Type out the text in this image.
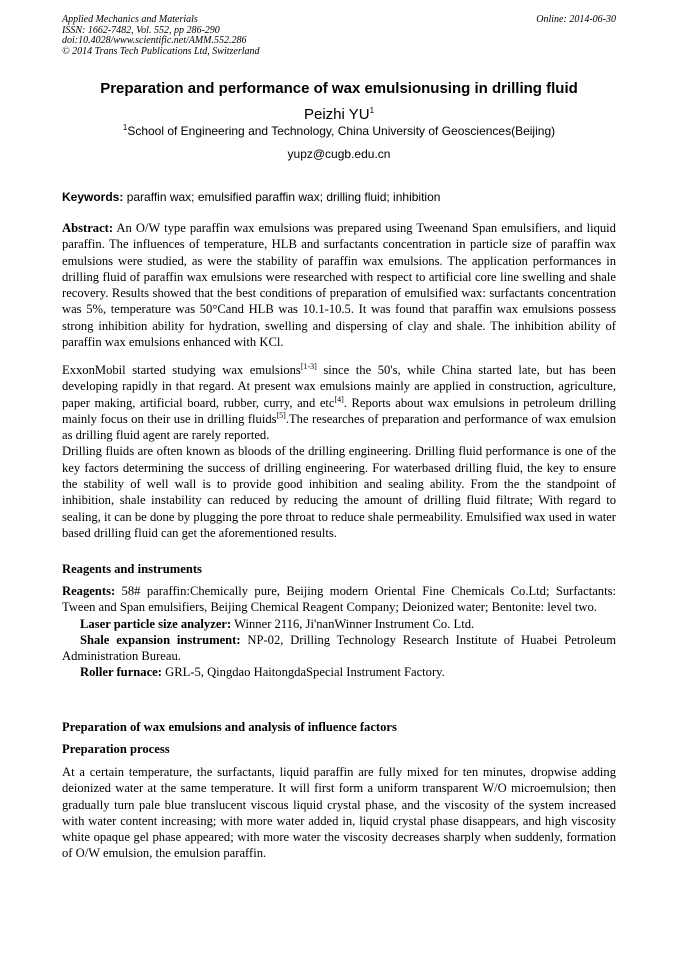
Applied Mechanics and Materials
ISSN: 1662-7482, Vol. 552, pp 286-290
doi:10.4028/www.scientific.net/AMM.552.286
© 2014 Trans Tech Publications Ltd, Switzerland
Online: 2014-06-30
Preparation and performance of wax emulsionusing in drilling fluid
Peizhi $YU^1$
$^1$School of Engineering and Technology, China University of Geosciences(Beijing)
yupz@cugb.edu.cn
Keywords: paraffin wax; emulsified paraffin wax; drilling fluid; inhibition

Abstract: An O/W type paraffin wax emulsions was prepared using Tweenand Span emulsifiers, and liquid paraffin. The influences of temperature, HLB and surfactants concentration in particle size of paraffin wax emulsions were studied, as were the stability of paraffin wax emulsions. The application performances in drilling fluid of paraffin wax emulsions were researched with respect to artificial core line swelling and shale recovery. Results showed that the best conditions of preparation of emulsified wax: surfactants concentration was 5%, temperature was 50°Cand HLB was 10.1-10.5. It was found that paraffin wax emulsions possess strong inhibition ability for hydration, swelling and dispersing of clay and shale. The inhibition ability of paraffin wax emulsions enhanced with KCl.

ExxonMobil started studying wax emulsions[1-3] since the 50's, while China started late, but has been developing rapidly in that regard. At present wax emulsions mainly are applied in construction, agriculture, paper making, artificial board, rubber, curry, and etc[4]. Reports about wax emulsions in petroleum drilling mainly focus on their use in drilling fluids[5].The researches of preparation and performance of wax emulsion as drilling fluid agent are rarely reported.

Drilling fluids are often known as bloods of the drilling engineering. Drilling fluid performance is one of the key factors determining the success of drilling engineering. For waterbased drilling fluid, the key to ensure the stability of well wall is to provide good inhibition and sealing ability. From the the standpoint of inhibition, shale instability can reduced by reducing the amount of drilling fluid filtrate; With regard to sealing, it can be done by plugging the pore throat to reduce shale permeability. Emulsified wax used in water based drilling fluid can get the aforementioned results.

Reagents and instruments

Reagents: 58# paraffin:Chemically pure, Beijing modern Oriental Fine Chemicals Co.Ltd; Surfactants: Tween and Span emulsifiers, Beijing Chemical Reagent Company; Deionized water; Bentonite: level two.

Laser particle size analyzer: Winner 2116, Ji'nanWinner Instrument Co. Ltd.

Shale expansion instrument: NP-02, Drilling Technology Research Institute of Huabei Petroleum Administration Bureau.

Roller furnace: GRL-5, Qingdao HaitongdaSpecial Instrument Factory.

Preparation of wax emulsions and analysis of influence factors
Preparation process

At a certain temperature, the surfactants, liquid paraffin are fully mixed for ten minutes, dropwise adding deionized water at the same temperature. It will first form a uniform transparent W/O microemulsion; then gradually turn pale blue translucent viscous liquid crystal phase, and the viscosity of the system increased with water content increasing; with more water added in, liquid crystal phase disappears, and high viscosity white opaque gel phase appeared; with more water the viscosity decreases sharply when suddenly, formation of O/W emulsion, the emulsion paraffin.
